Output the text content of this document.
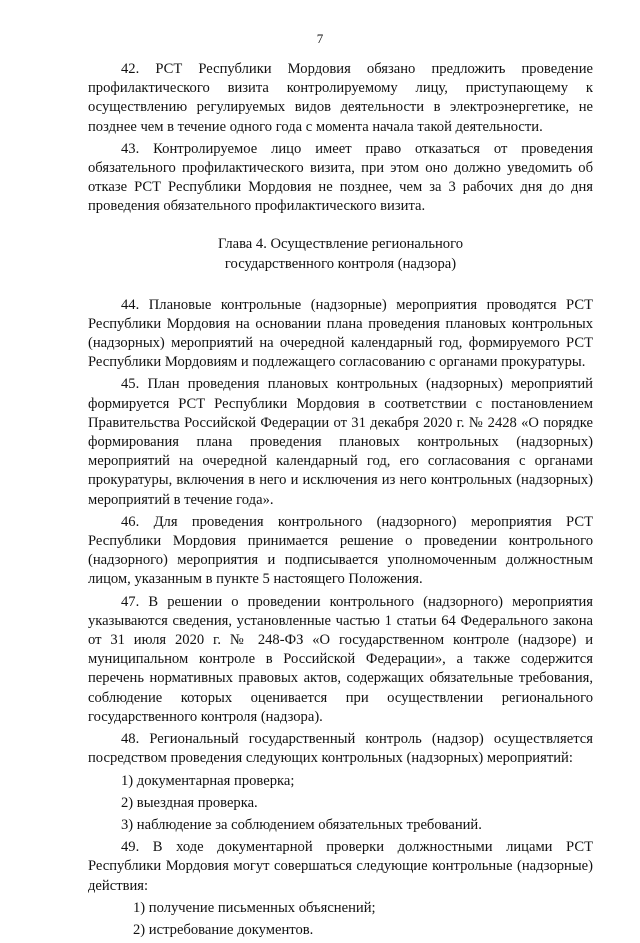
7

42. РСТ Республики Мордовия обязано предложить проведение профилактического визита контролируемому лицу, приступающему к осуществлению регулируемых видов деятельности в электроэнергетике, не позднее чем в течение одного года с момента начала такой деятельности.

43. Контролируемое лицо имеет право отказаться от проведения обязательного профилактического визита, при этом оно должно уведомить об отказе РСТ Республики Мордовия не позднее, чем за 3 рабочих дня до дня проведения обязательного профилактического визита.

Глава 4. Осуществление регионального
государственного контроля (надзора)

44. Плановые контрольные (надзорные) мероприятия проводятся РСТ Республики Мордовия на основании плана проведения плановых контрольных (надзорных) мероприятий на очередной календарный год, формируемого РСТ Республики Мордовиям и подлежащего согласованию с органами прокуратуры.

45. План проведения плановых контрольных (надзорных) мероприятий формируется РСТ Республики Мордовия в соответствии с постановлением Правительства Российской Федерации от 31 декабря 2020 г. № 2428 «О порядке формирования плана проведения плановых контрольных (надзорных) мероприятий на очередной календарный год, его согласования с органами прокуратуры, включения в него и исключения из него контрольных (надзорных) мероприятий в течение года».

46. Для проведения контрольного (надзорного) мероприятия РСТ Республики Мордовия принимается решение о проведении контрольного (надзорного) мероприятия и подписывается уполномоченным должностным лицом, указанным в пункте 5 настоящего Положения.

47. В решении о проведении контрольного (надзорного) мероприятия указываются сведения, установленные частью 1 статьи 64 Федерального закона от 31 июля 2020 г. № 248-ФЗ «О государственном контроле (надзоре) и муниципальном контроле в Российской Федерации», а также содержится перечень нормативных правовых актов, содержащих обязательные требования, соблюдение которых оценивается при осуществлении регионального государственного контроля (надзора).

48. Региональный государственный контроль (надзор) осуществляется посредством проведения следующих контрольных (надзорных) мероприятий:

1) документарная проверка;

2) выездная проверка.

3) наблюдение за соблюдением обязательных требований.

49. В ходе документарной проверки должностными лицами РСТ Республики Мордовия могут совершаться следующие контрольные (надзорные) действия:

1) получение письменных объяснений;

2) истребование документов.
